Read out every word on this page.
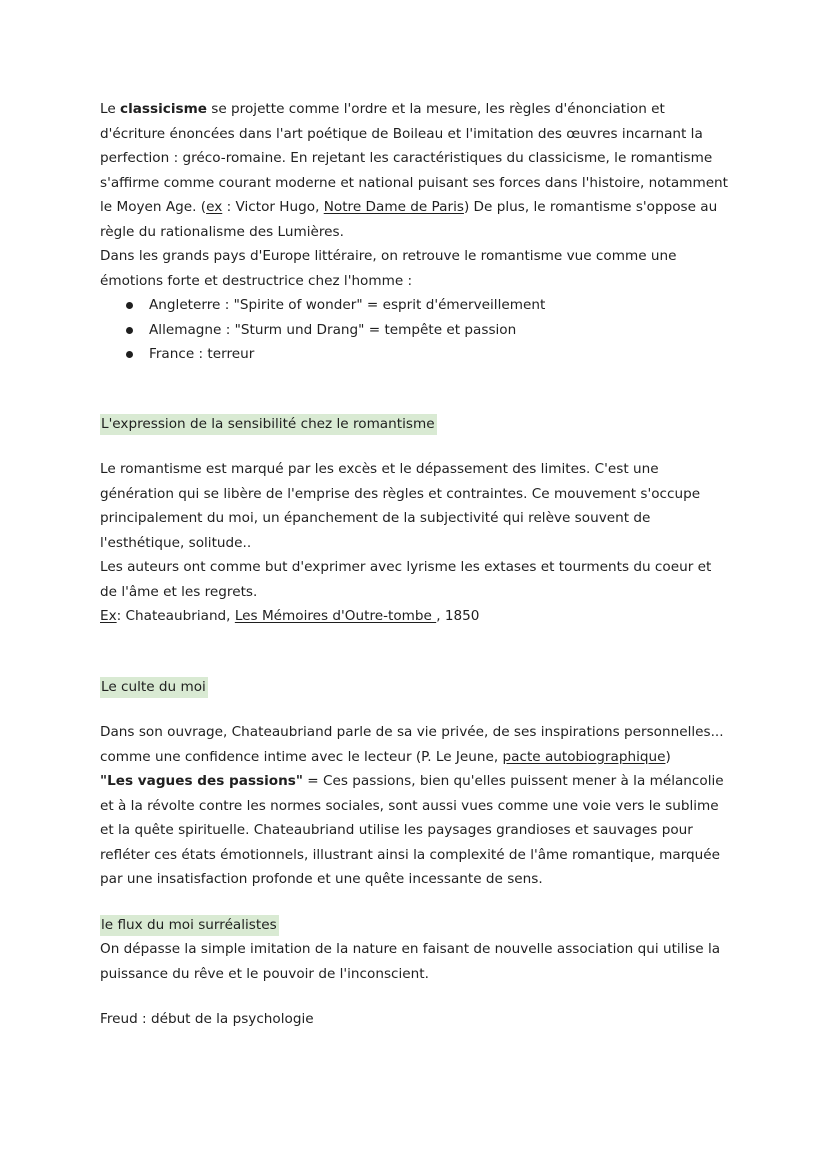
Le classicisme se projette comme l'ordre et la mesure, les règles d'énonciation et d'écriture énoncées dans l'art poétique de Boileau et l'imitation des œuvres incarnant la perfection : gréco-romaine. En rejetant les caractéristiques du classicisme, le romantisme s'affirme comme courant moderne et national puisant ses forces dans l'histoire, notamment le Moyen Age. (ex : Victor Hugo, Notre Dame de Paris) De plus, le romantisme s'oppose au règle du rationalisme des Lumières.

Dans les grands pays d'Europe littéraire, on retrouve le romantisme vue comme une émotions forte et destructrice chez l'homme :

Angleterre : "Spirite of wonder" = esprit d'émerveillement
Allemagne : "Sturm und Drang" = tempête et passion
France : terreur

L'expression de la sensibilité chez le romantisme

Le romantisme est marqué par les excès et le dépassement des limites. C'est une génération qui se libère de l'emprise des règles et contraintes. Ce mouvement s'occupe principalement du moi, un épanchement de la subjectivité qui relève souvent de l'esthétique, solitude..

Les auteurs ont comme but d'exprimer avec lyrisme les extases et tourments du coeur et de l'âme et les regrets.

Ex: Chateaubriand, Les Mémoires d'Outre-tombe , 1850

Le culte du moi

Dans son ouvrage, Chateaubriand parle de sa vie privée, de ses inspirations personnelles... comme une confidence intime avec le lecteur (P. Le Jeune, pacte autobiographique)

"Les vagues des passions" = Ces passions, bien qu'elles puissent mener à la mélancolie et à la révolte contre les normes sociales, sont aussi vues comme une voie vers le sublime et la quête spirituelle. Chateaubriand utilise les paysages grandioses et sauvages pour refléter ces états émotionnels, illustrant ainsi la complexité de l'âme romantique, marquée par une insatisfaction profonde et une quête incessante de sens.

le flux du moi surréalistes

On dépasse la simple imitation de la nature en faisant de nouvelle association qui utilise la puissance du rêve et le pouvoir de l'inconscient.

Freud : début de la psychologie
